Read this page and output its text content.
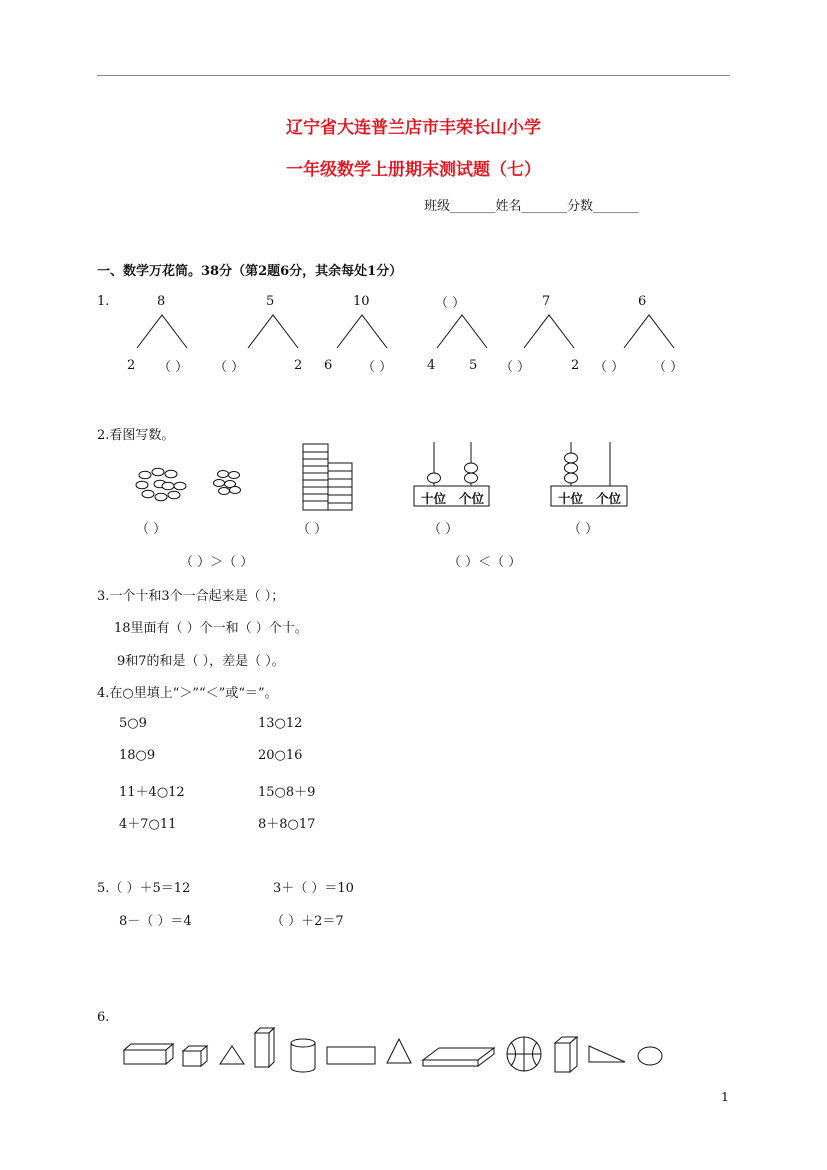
辽宁省大连普兰店市丰荣长山小学
一年级数学上册期末测试题（七）
班级_______姓名_______分数_______
一、数学万花筒。38分（第2题6分，其余每处1分）
1.	8	5	10	（ ）	7	6
2 （ ） （ ）	2 6 （ ）	4	5 （ ）	2 （ ） （ ）
2.看图写数。
十位 个位	十位 个位
（ ）	（ ）	（ ）	（ ）
（ ）＞（ ）	（ ）＜（ ）
3.一个十和3个一合起来是（ ）；
18里面有（ ）个一和（ ）个十。
9和7的和是（ ），差是（ ）。
4.在○里填上“＞”“＜”或“＝”。
5○9	13○12
18○9	20○16
11＋4○12	15○8＋9
4＋7○11	8＋8○17
5.（ ）＋5＝12	3＋（ ）＝10
8－（ ）＝4	（ ）＋2＝7
6.
1
